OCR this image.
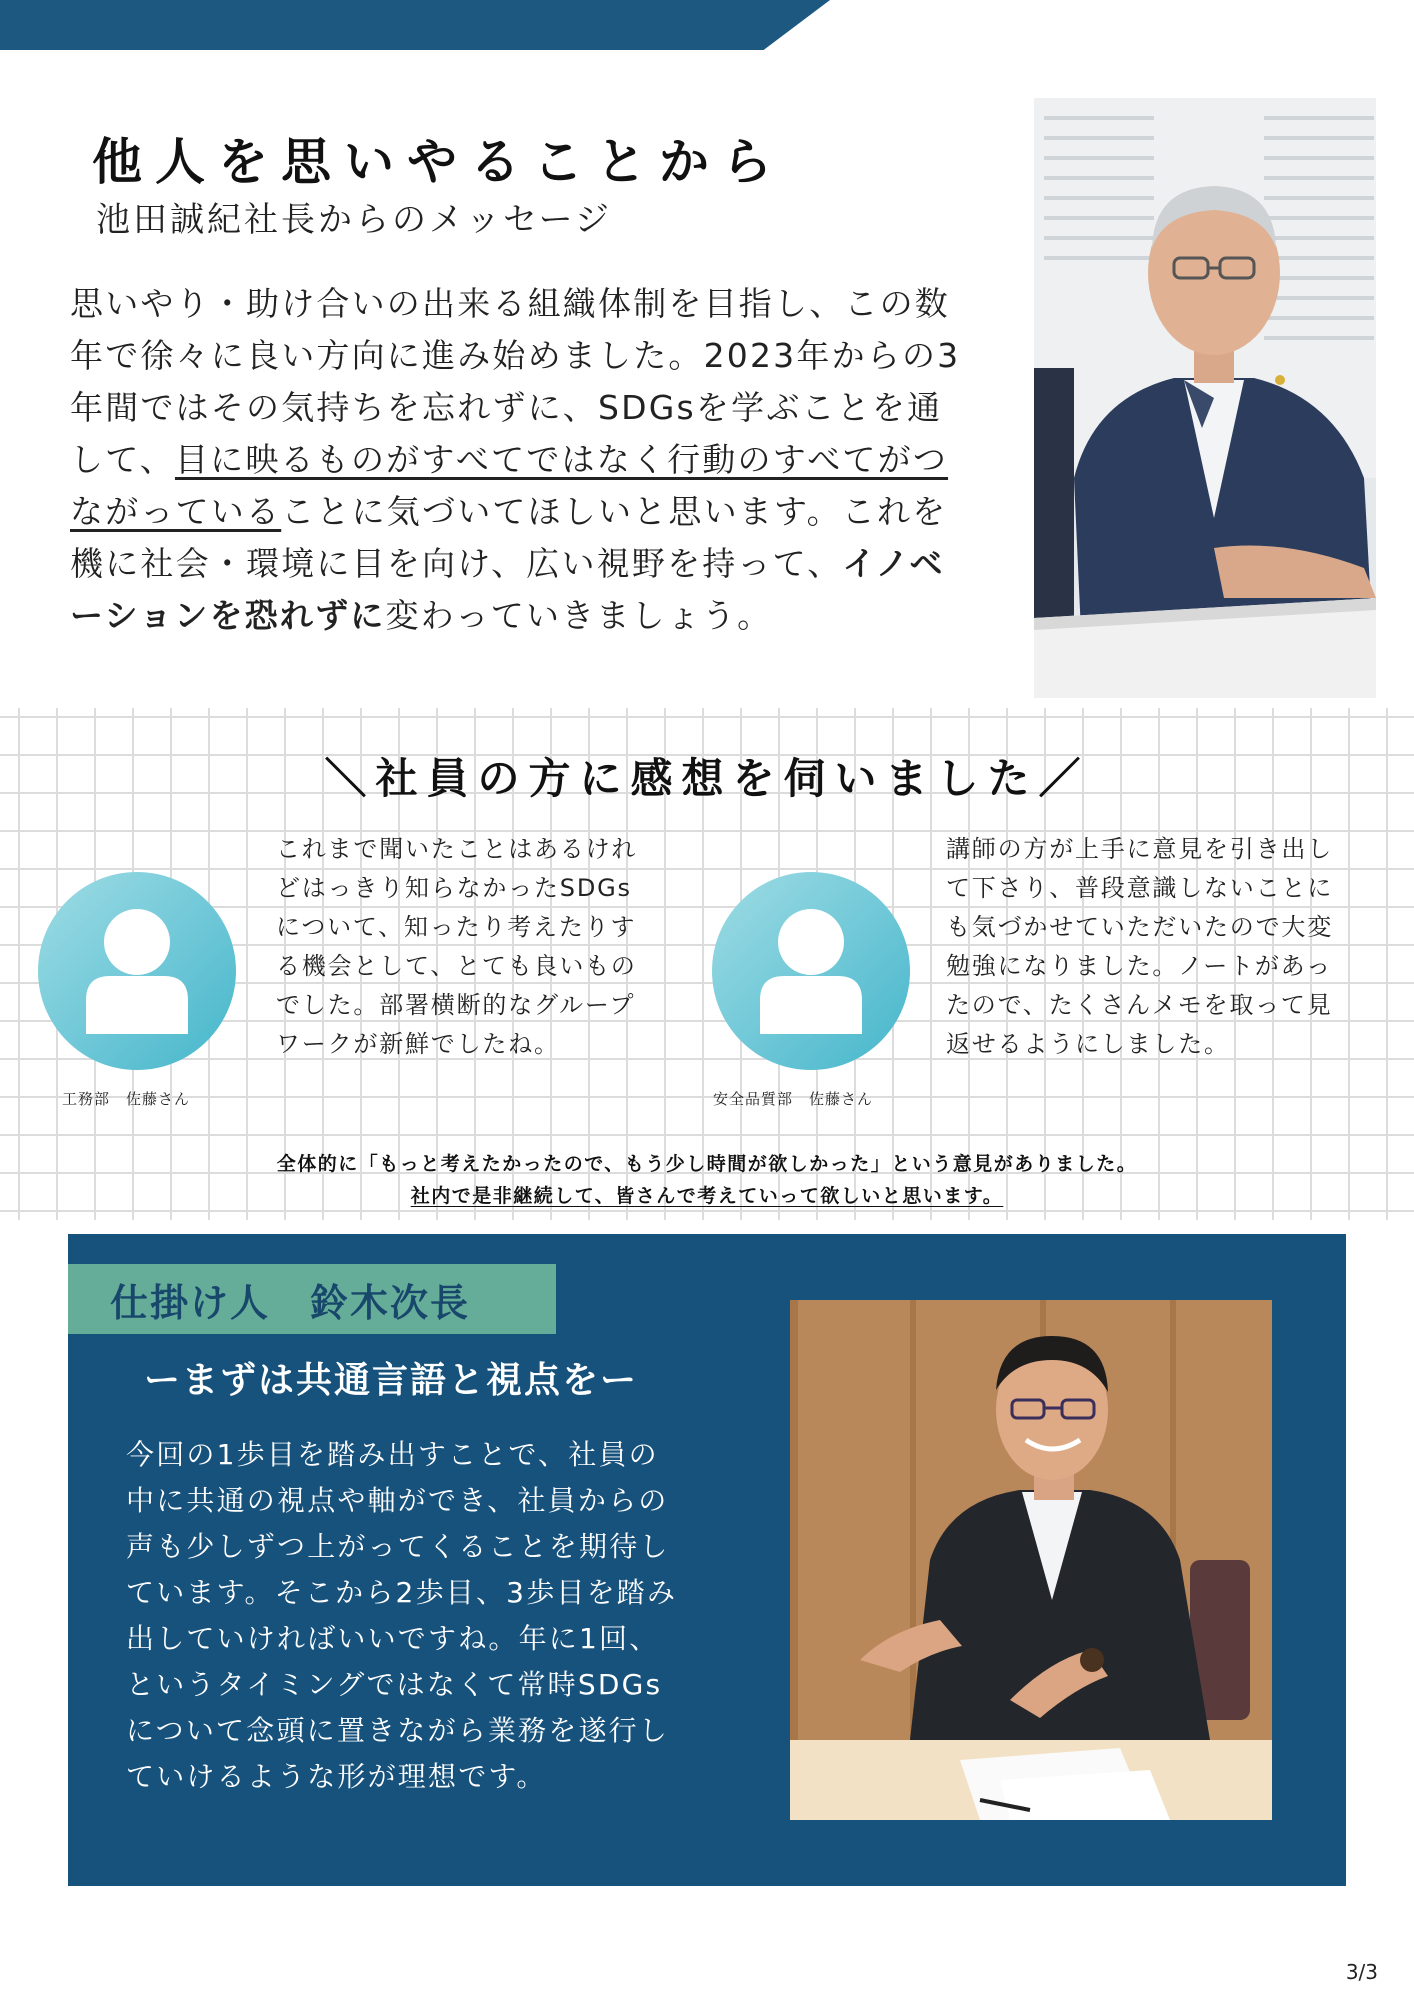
他人を思いやることから

池田誠紀社長からのメッセージ

思いやり・助け合いの出来る組織体制を目指し、この数年で徐々に良い方向に進み始めました。2023年からの3年間ではその気持ちを忘れずに、SDGsを学ぶことを通して、目に映るものがすべてではなく行動のすべてがつながっていることに気づいてほしいと思います。これを機に社会・環境に目を向け、広い視野を持って、イノベーションを恐れずに変わっていきましょう。

＼社員の方に感想を伺いました／
工務部　佐藤さん

これまで聞いたことはあるけれどはっきり知らなかったSDGsについて、知ったり考えたりする機会として、とても良いものでした。部署横断的なグループワークが新鮮でしたね。

安全品質部　佐藤さん

講師の方が上手に意見を引き出して下さり、普段意識しないことにも気づかせていただいたので大変勉強になりました。ノートがあったので、たくさんメモを取って見返せるようにしました。

全体的に「もっと考えたかったので、もう少し時間が欲しかった」という意見がありました。
社内で是非継続して、皆さんで考えていって欲しいと思います。

仕掛け人　鈴木次長
ーまずは共通言語と視点をー

今回の1歩目を踏み出すことで、社員の中に共通の視点や軸ができ、社員からの声も少しずつ上がってくることを期待しています。そこから2歩目、3歩目を踏み出していければいいですね。年に1回、というタイミングではなくて常時SDGsについて念頭に置きながら業務を遂行していけるような形が理想です。

3/3
